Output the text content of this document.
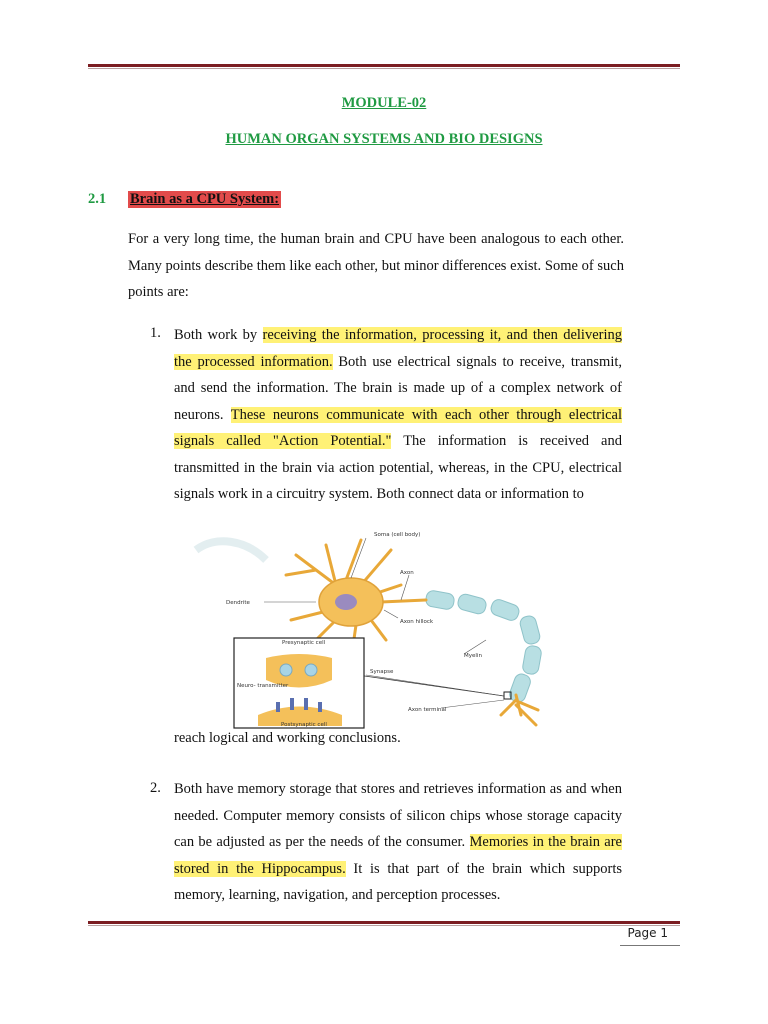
MODULE-02
HUMAN ORGAN SYSTEMS AND BIO DESIGNS
2.1 Brain as a CPU System:
For a very long time, the human brain and CPU have been analogous to each other. Many points describe them like each other, but minor differences exist. Some of such points are:
1. Both work by receiving the information, processing it, and then delivering the processed information. Both use electrical signals to receive, transmit, and send the information. The brain is made up of a complex network of neurons. These neurons communicate with each other through electrical signals called "Action Potential." The information is received and transmitted in the brain via action potential, whereas, in the CPU, electrical signals work in a circuitry system. Both connect data or information to
Soma (cell body)
Axon
Dendrite
Axon hillock
Myelin
Presynaptic cell
Synapse
Neuro- transmitter
Postsynaptic cell
Axon terminal
reach logical and working conclusions.
2. Both have memory storage that stores and retrieves information as and when needed. Computer memory consists of silicon chips whose storage capacity can be adjusted as per the needs of the consumer. Memories in the brain are stored in the Hippocampus. It is that part of the brain which supports memory, learning, navigation, and perception processes.
Page 1
